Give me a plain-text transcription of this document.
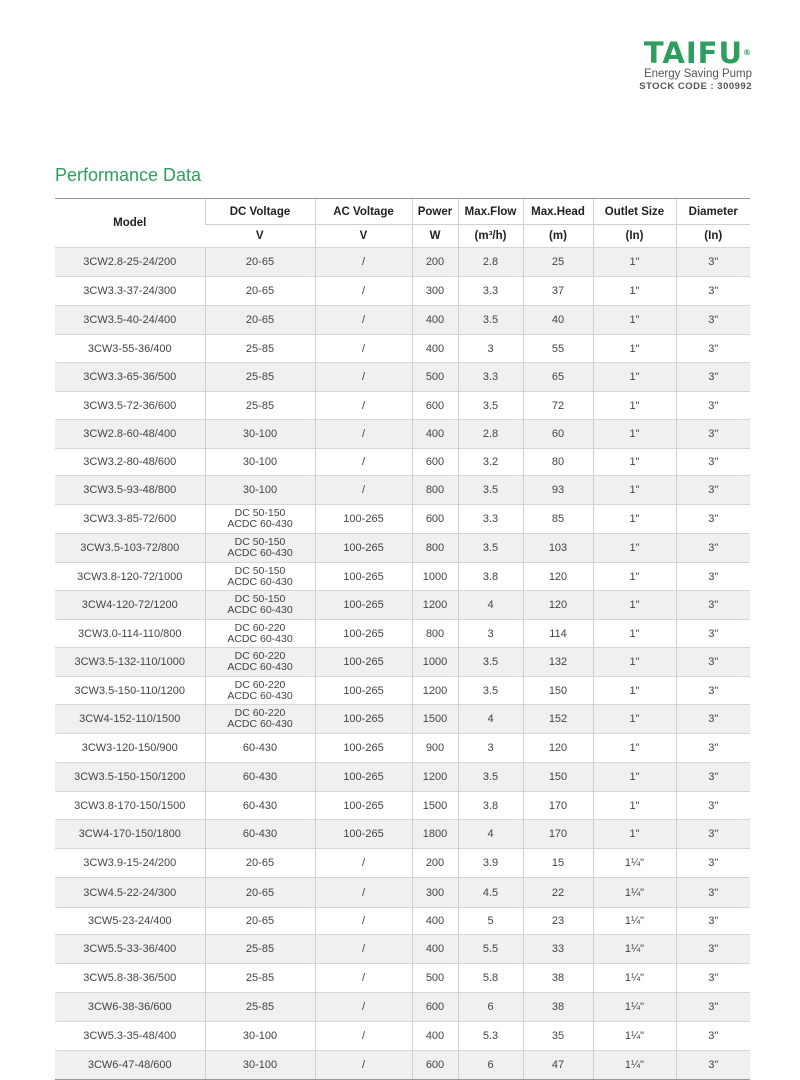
TAIFU®
Energy Saving Pump
STOCK CODE : 300992
Performance Data
Model	DC Voltage	AC Voltage	Power	Max.Flow	Max.Head	Outlet Size	Diameter
	V	V	W	(m³/h)	(m)	(In)	(In)
3CW2.8-25-24/200	20-65	/	200	2.8	25	1"	3"
3CW3.3-37-24/300	20-65	/	300	3.3	37	1"	3"
3CW3.5-40-24/400	20-65	/	400	3.5	40	1"	3"
3CW3-55-36/400	25-85	/	400	3	55	1"	3"
3CW3.3-65-36/500	25-85	/	500	3.3	65	1"	3"
3CW3.5-72-36/600	25-85	/	600	3.5	72	1"	3"
3CW2.8-60-48/400	30-100	/	400	2.8	60	1"	3"
3CW3.2-80-48/600	30-100	/	600	3.2	80	1"	3"
3CW3.5-93-48/800	30-100	/	800	3.5	93	1"	3"
3CW3.3-85-72/600	DC 50-150
ACDC 60-430	100-265	600	3.3	85	1"	3"
3CW3.5-103-72/800	DC 50-150
ACDC 60-430	100-265	800	3.5	103	1"	3"
3CW3.8-120-72/1000	DC 50-150
ACDC 60-430	100-265	1000	3.8	120	1"	3"
3CW4-120-72/1200	DC 50-150
ACDC 60-430	100-265	1200	4	120	1"	3"
3CW3.0-114-110/800	DC 60-220
ACDC 60-430	100-265	800	3	114	1"	3"
3CW3.5-132-110/1000	DC 60-220
ACDC 60-430	100-265	1000	3.5	132	1"	3"
3CW3.5-150-110/1200	DC 60-220
ACDC 60-430	100-265	1200	3.5	150	1"	3"
3CW4-152-110/1500	DC 60-220
ACDC 60-430	100-265	1500	4	152	1"	3"
3CW3-120-150/900	60-430	100-265	900	3	120	1"	3"
3CW3.5-150-150/1200	60-430	100-265	1200	3.5	150	1"	3"
3CW3.8-170-150/1500	60-430	100-265	1500	3.8	170	1"	3"
3CW4-170-150/1800	60-430	100-265	1800	4	170	1"	3"
3CW3.9-15-24/200	20-65	/	200	3.9	15	1¼"	3"
3CW4.5-22-24/300	20-65	/	300	4.5	22	1¼"	3"
3CW5-23-24/400	20-65	/	400	5	23	1¼"	3"
3CW5.5-33-36/400	25-85	/	400	5.5	33	1¼"	3"
3CW5.8-38-36/500	25-85	/	500	5.8	38	1¼"	3"
3CW6-38-36/600	25-85	/	600	6	38	1¼"	3"
3CW5.3-35-48/400	30-100	/	400	5.3	35	1¼"	3"
3CW6-47-48/600	30-100	/	600	6	47	1¼"	3"
